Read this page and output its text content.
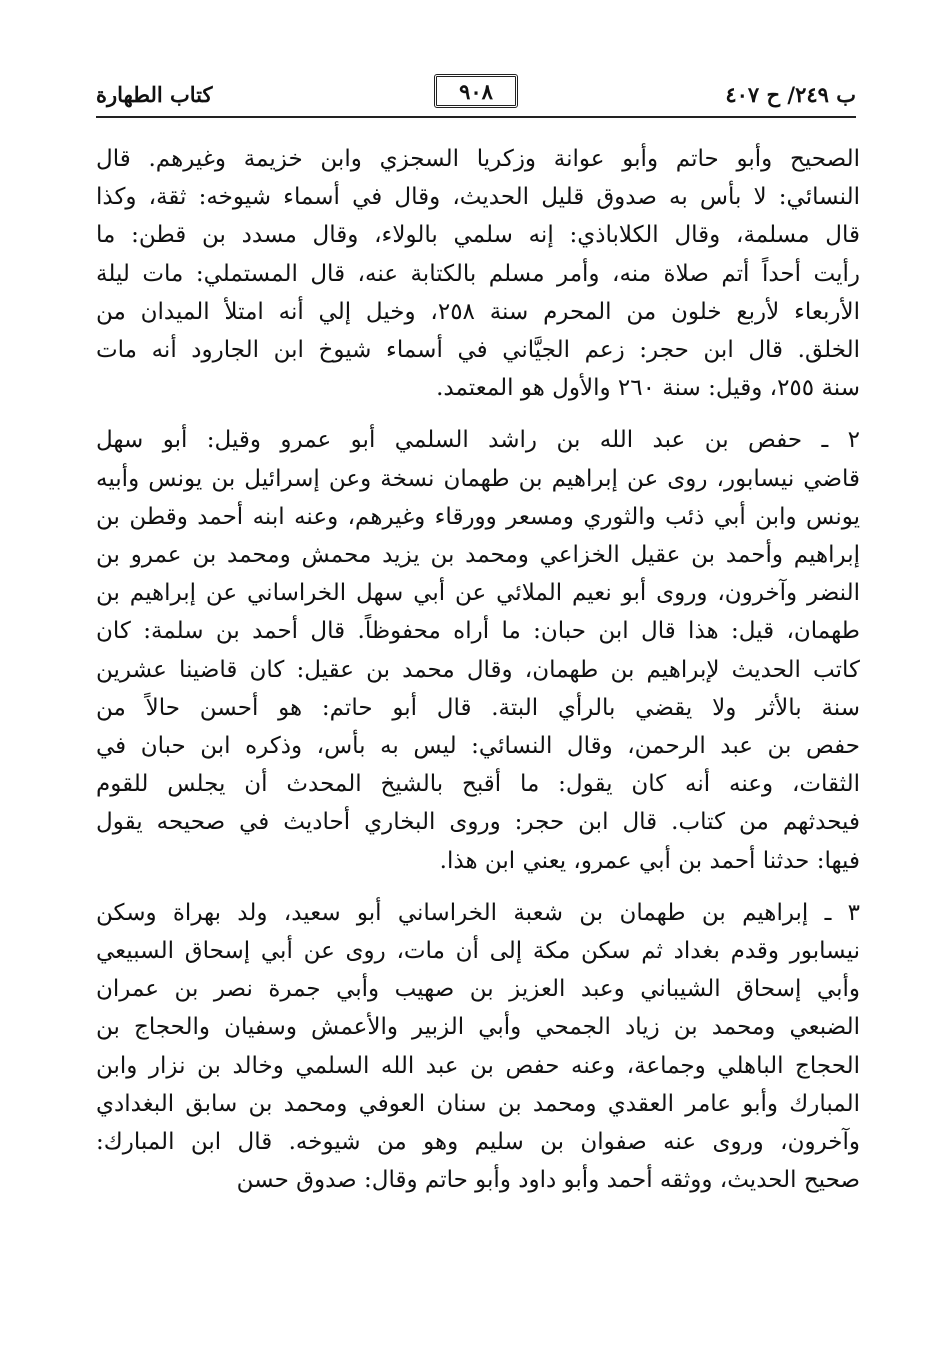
ب ٢٤٩/ ح ٤٠٧
٩٠٨
كتاب الطهارة
الصحيح وأبو حاتم وأبو عوانة وزكريا السجزي وابن خزيمة وغيرهم. قال
النسائي: لا بأس به صدوق قليل الحديث، وقال في أسماء شيوخه: ثقة، وكذا
قال مسلمة، وقال الكلاباذي: إنه سلمي بالولاء، وقال مسدد بن قطن: ما
رأيت أحداً أتم صلاة منه، وأمر مسلم بالكتابة عنه، قال المستملي: مات ليلة
الأربعاء لأربع خلون من المحرم سنة ٢٥٨، وخيل إلي أنه امتلأ الميدان من
الخلق. قال ابن حجر: زعم الجيَّاني في أسماء شيوخ ابن الجارود أنه مات
سنة ٢٥٥، وقيل: سنة ٢٦٠ والأول هو المعتمد.
٢ ـ حفص بن عبد الله بن راشد السلمي أبو عمرو وقيل: أبو سهل
قاضي نيسابور، روى عن إبراهيم بن طهمان نسخة وعن إسرائيل بن يونس وأبيه
يونس وابن أبي ذئب والثوري ومسعر وورقاء وغيرهم، وعنه ابنه أحمد وقطن بن
إبراهيم وأحمد بن عقيل الخزاعي ومحمد بن يزيد محمش ومحمد بن عمرو بن
النضر وآخرون، وروى أبو نعيم الملائي عن أبي سهل الخراساني عن إبراهيم بن
طهمان، قيل: هذا قال ابن حبان: ما أراه محفوظاً. قال أحمد بن سلمة: كان
كاتب الحديث لإبراهيم بن طهمان، وقال محمد بن عقيل: كان قاضينا عشرين
سنة بالأثر ولا يقضي بالرأي البتة. قال أبو حاتم: هو أحسن حالاً من
حفص بن عبد الرحمن، وقال النسائي: ليس به بأس، وذكره ابن حبان في
الثقات، وعنه أنه كان يقول: ما أقبح بالشيخ المحدث أن يجلس للقوم
فيحدثهم من كتاب. قال ابن حجر: وروى البخاري أحاديث في صحيحه يقول
فيها: حدثنا أحمد بن أبي عمرو، يعني ابن هذا.
٣ ـ إبراهيم بن طهمان بن شعبة الخراساني أبو سعيد، ولد بهراة وسكن
نيسابور وقدم بغداد ثم سكن مكة إلى أن مات، روى عن أبي إسحاق السبيعي
وأبي إسحاق الشيباني وعبد العزيز بن صهيب وأبي جمرة نصر بن عمران
الضبعي ومحمد بن زياد الجمحي وأبي الزبير والأعمش وسفيان والحجاج بن
الحجاج الباهلي وجماعة، وعنه حفص بن عبد الله السلمي وخالد بن نزار وابن
المبارك وأبو عامر العقدي ومحمد بن سنان العوفي ومحمد بن سابق البغدادي
وآخرون، وروى عنه صفوان بن سليم وهو من شيوخه. قال ابن المبارك:
صحيح الحديث، ووثقه أحمد وأبو داود وأبو حاتم وقال: صدوق حسن
